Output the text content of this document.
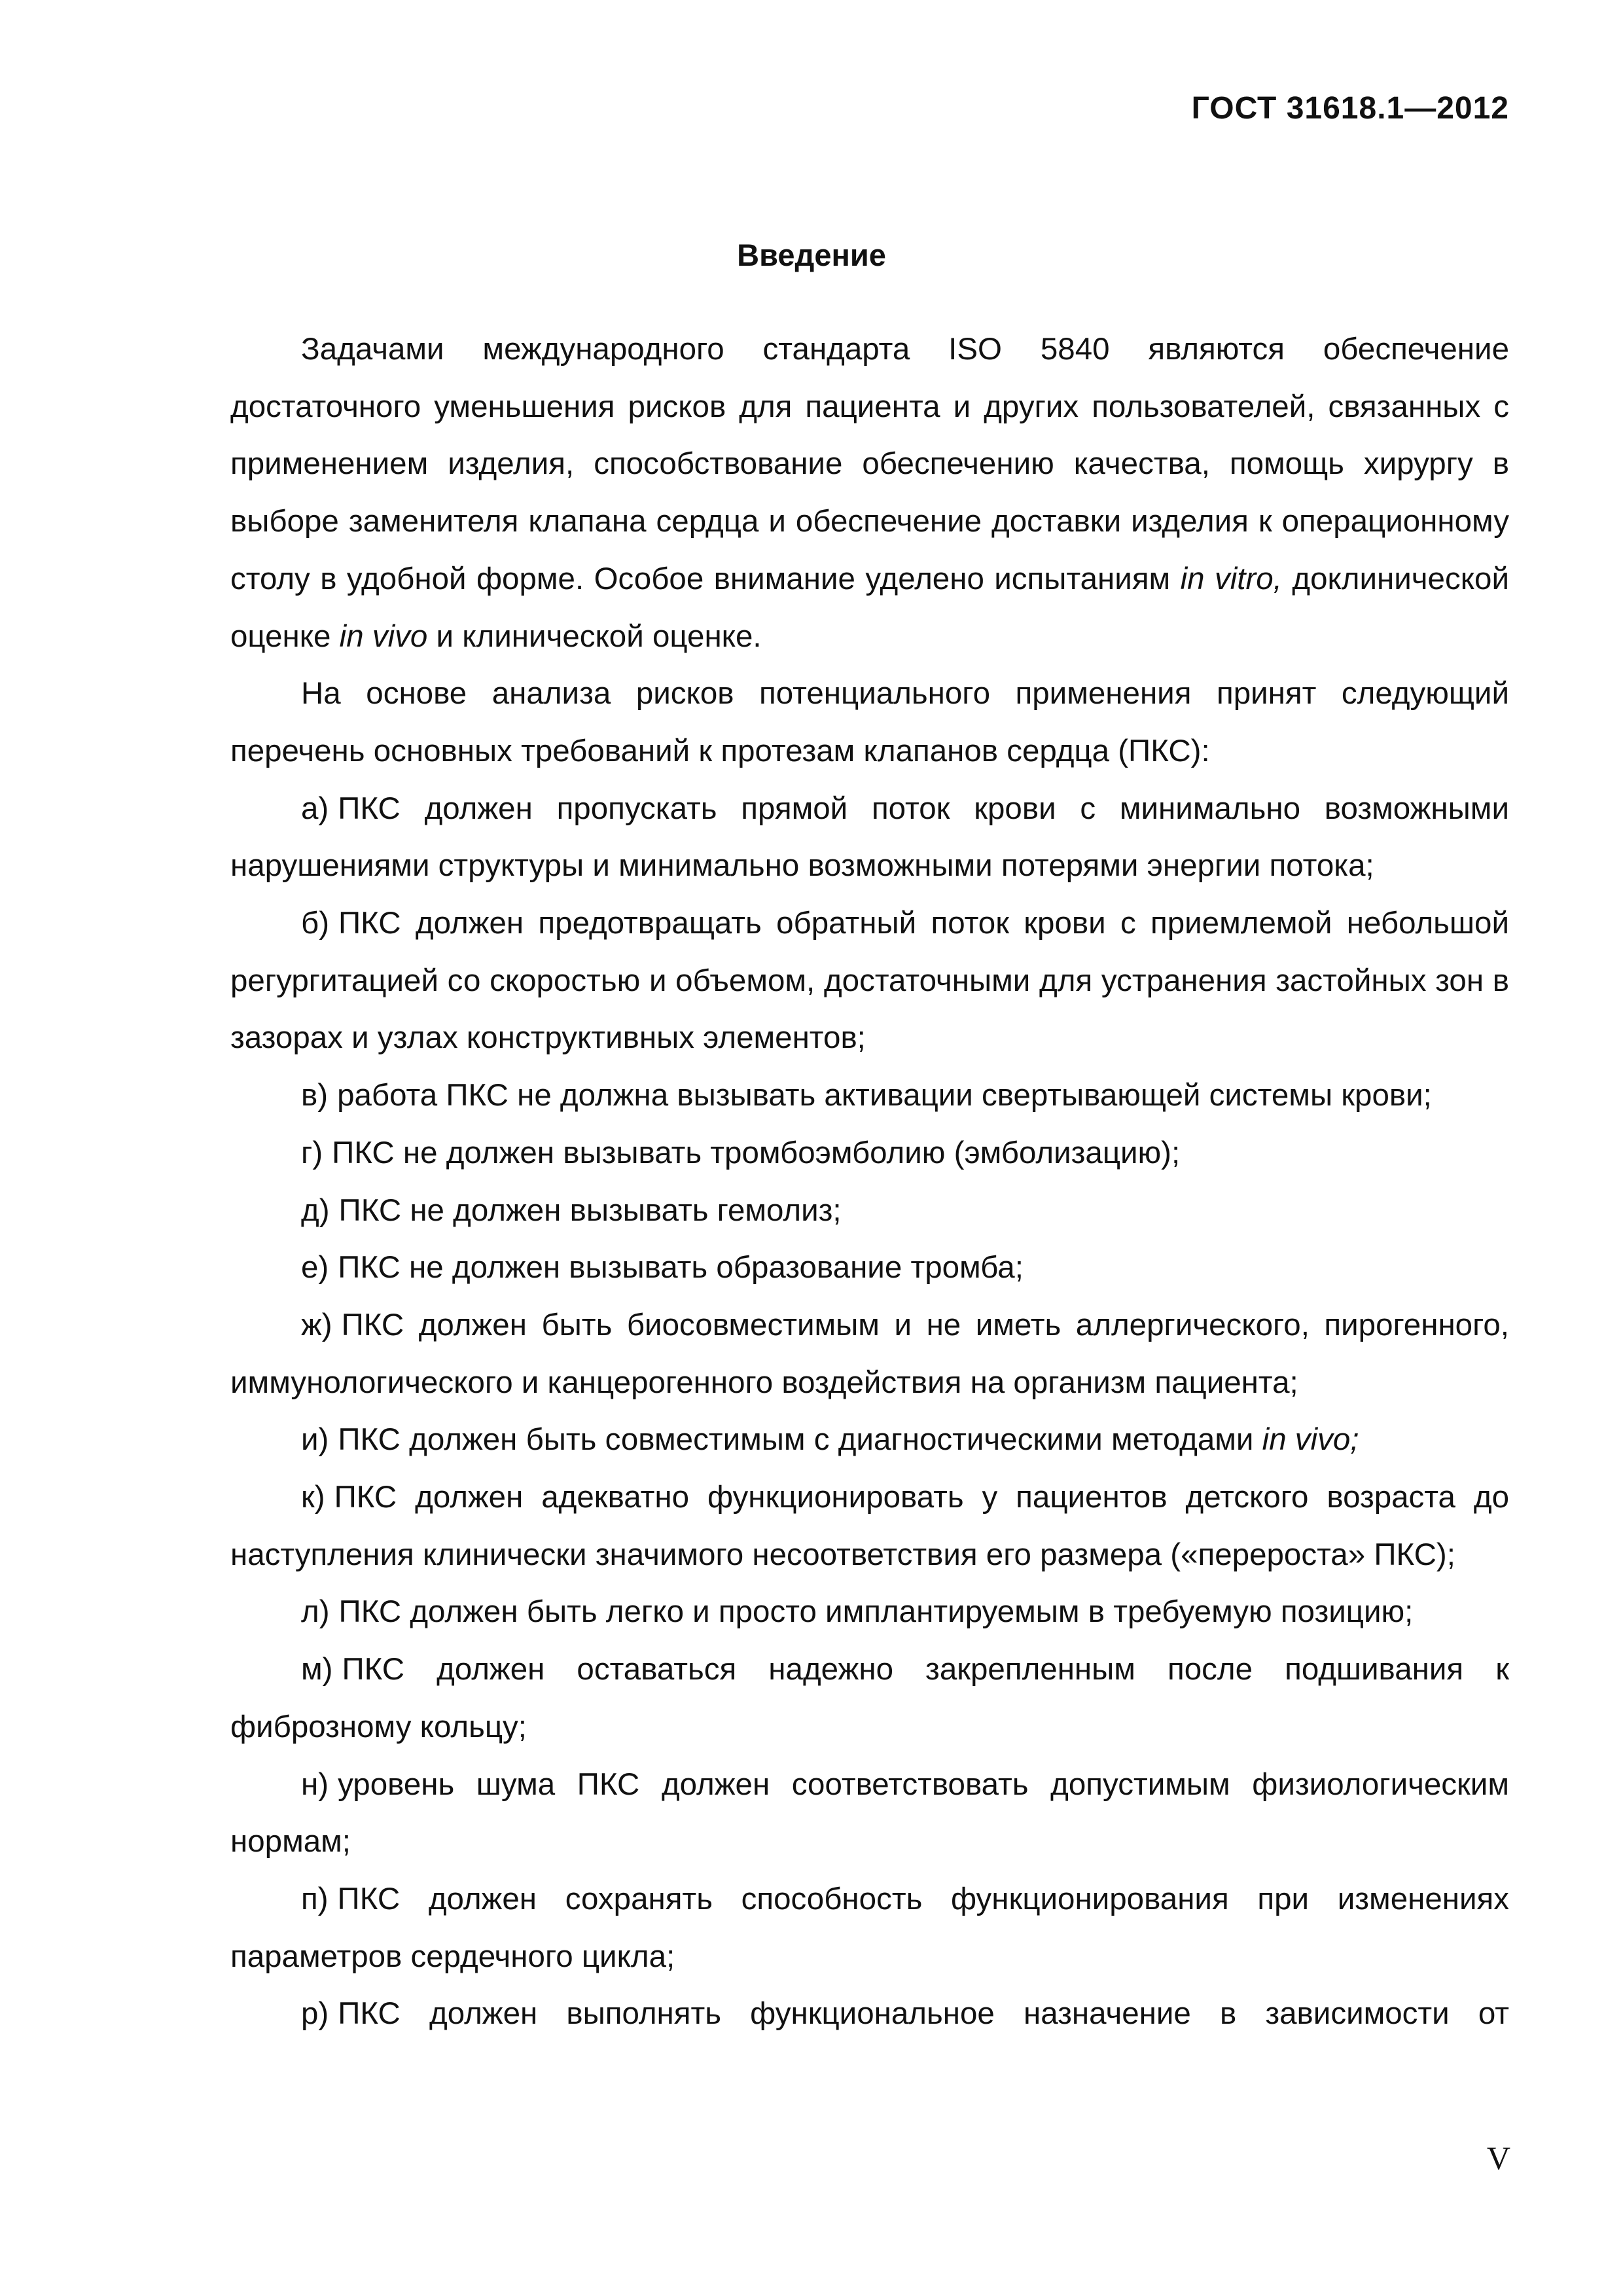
ГОСТ 31618.1—2012
Введение

Задачами международного стандарта ISO 5840 являются обеспечение достаточного уменьшения рисков для пациента и других пользователей, связанных с применением изделия, способствование обеспечению качества, помощь хирургу в выборе заменителя клапана сердца и обеспечение доставки изделия к операционному столу в удобной форме. Особое внимание уделено испытаниям in vitro, доклинической оценке in vivo и клинической оценке.

На основе анализа рисков потенциального применения принят следующий перечень основных требований к протезам клапанов сердца (ПКС):

а) ПКС должен пропускать прямой поток крови с минимально возможными нарушениями структуры и минимально возможными потерями энергии потока;

б) ПКС должен предотвращать обратный поток крови с приемлемой небольшой регургитацией со скоростью и объемом, достаточными для устранения застойных зон в зазорах и узлах конструктивных элементов;

в) работа ПКС не должна вызывать активации свертывающей системы крови;

г) ПКС не должен вызывать тромбоэмболию (эмболизацию);

д) ПКС не должен вызывать гемолиз;

е) ПКС не должен вызывать образование тромба;

ж) ПКС должен быть биосовместимым и не иметь аллергического, пирогенного, иммунологического и канцерогенного воздействия на организм пациента;

и) ПКС должен быть совместимым с диагностическими методами in vivo;

к) ПКС должен адекватно функционировать у пациентов детского возраста до наступления клинически значимого несоответствия его размера («перероста» ПКС);

л) ПКС должен быть легко и просто имплантируемым в требуемую позицию;

м) ПКС должен оставаться надежно закрепленным после подшивания к фиброзному кольцу;

н) уровень шума ПКС должен соответствовать допустимым физиологическим нормам;

п) ПКС должен сохранять способность функционирования при изменениях параметров сердечного цикла;

р) ПКС должен выполнять функциональное назначение в зависимости от

V
